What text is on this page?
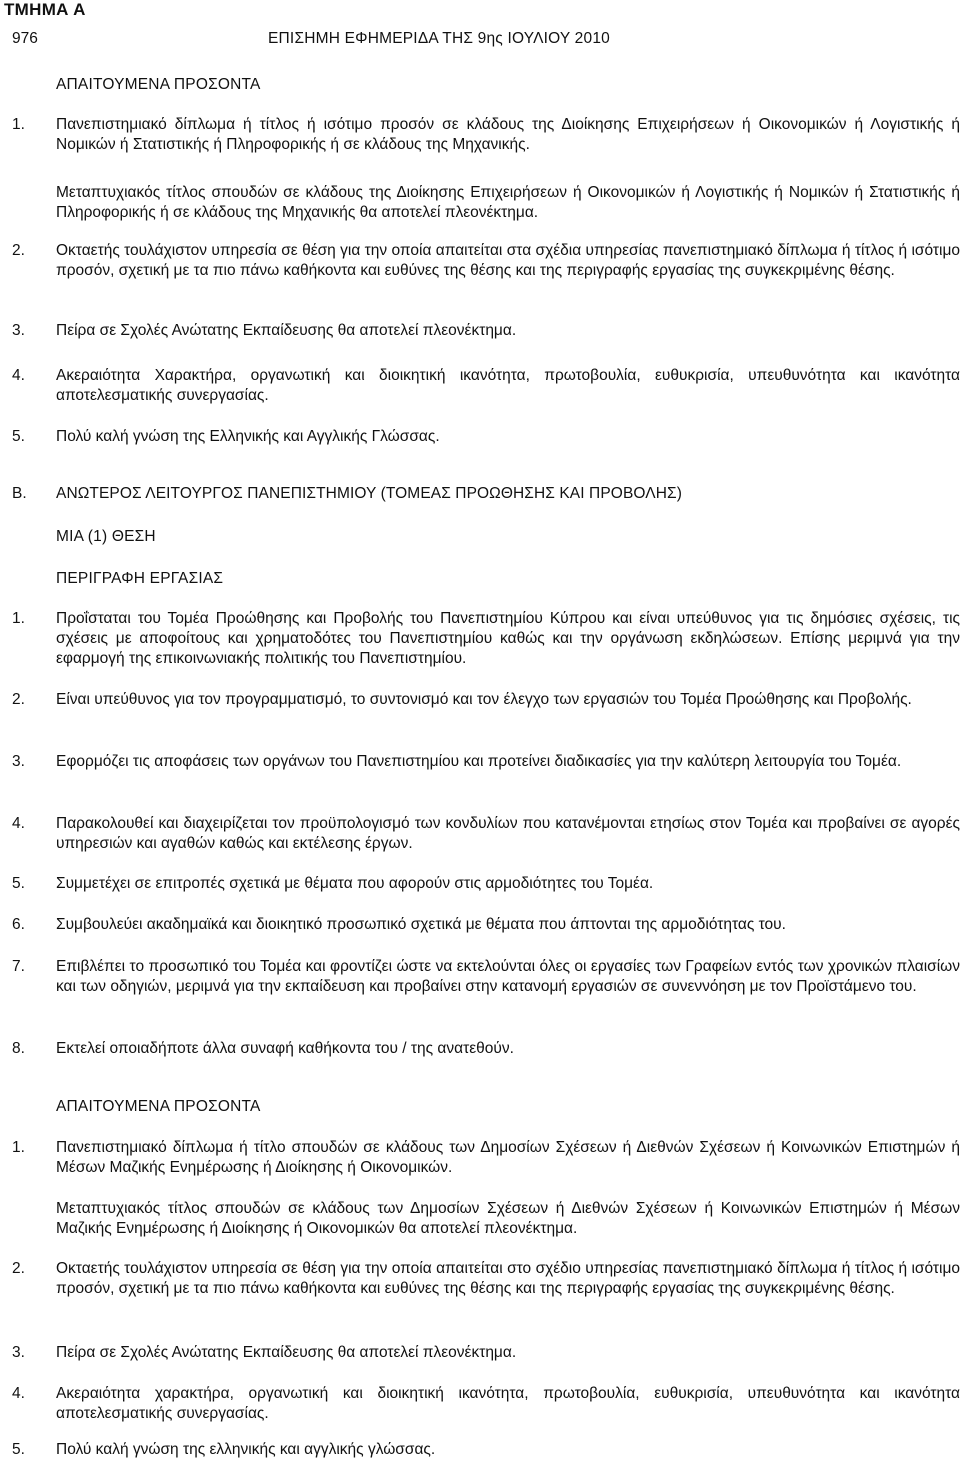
ΤΜΗΜΑ Α
976	ΕΠΙΣΗΜΗ ΕΦΗΜΕΡΙΔΑ ΤΗΣ 9ης ΙΟΥΛΙΟΥ 2010
ΑΠΑΙΤΟΥΜΕΝΑ ΠΡΟΣΟΝΤΑ
1. Πανεπιστημιακό δίπλωμα ή τίτλος ή ισότιμο προσόν σε κλάδους της Διοίκησης Επιχειρήσεων ή Οικονομικών ή Λογιστικής ή Νομικών ή Στατιστικής ή Πληροφορικής ή σε κλάδους της Μηχανικής.
Μεταπτυχιακός τίτλος σπουδών σε κλάδους της Διοίκησης Επιχειρήσεων ή Οικονομικών ή Λογιστικής ή Νομικών ή Στατιστικής ή Πληροφορικής ή σε κλάδους της Μηχανικής θα αποτελεί πλεονέκτημα.
2. Οκταετής τουλάχιστον υπηρεσία σε θέση για την οποία απαιτείται στα σχέδια υπηρεσίας πανεπιστημιακό δίπλωμα ή τίτλος ή ισότιμο προσόν, σχετική με τα πιο πάνω καθήκοντα και ευθύνες της θέσης και της περιγραφής εργασίας της συγκεκριμένης θέσης.
3. Πείρα σε Σχολές Ανώτατης Εκπαίδευσης θα αποτελεί πλεονέκτημα.
4. Ακεραιότητα Χαρακτήρα, οργανωτική και διοικητική ικανότητα, πρωτοβουλία, ευθυκρισία, υπευθυνότητα και ικανότητα αποτελεσματικής συνεργασίας.
5. Πολύ καλή γνώση της Ελληνικής και Αγγλικής Γλώσσας.
Β. ΑΝΩΤΕΡΟΣ ΛΕΙΤΟΥΡΓΟΣ ΠΑΝΕΠΙΣΤΗΜΙΟΥ (ΤΟΜΕΑΣ ΠΡΟΩΘΗΣΗΣ ΚΑΙ ΠΡΟΒΟΛΗΣ)
ΜΙΑ (1) ΘΕΣΗ
ΠΕΡΙΓΡΑΦΗ ΕΡΓΑΣΙΑΣ
1. Προΐσταται του Τομέα Προώθησης και Προβολής του Πανεπιστημίου Κύπρου και είναι υπεύθυνος για τις δημόσιες σχέσεις, τις σχέσεις με αποφοίτους και χρηματοδότες του Πανεπιστημίου καθώς και την οργάνωση εκδηλώσεων. Επίσης μεριμνά για την εφαρμογή της επικοινωνιακής πολιτικής του Πανεπιστημίου.
2. Είναι υπεύθυνος για τον προγραμματισμό, το συντονισμό και τον έλεγχο των εργασιών του Τομέα Προώθησης και Προβολής.
3. Εφορμόζει τις αποφάσεις των οργάνων του Πανεπιστημίου και προτείνει διαδικασίες για την καλύτερη λειτουργία του Τομέα.
4. Παρακολουθεί και διαχειρίζεται τον προϋπολογισμό των κονδυλίων που κατανέμονται ετησίως στον Τομέα και προβαίνει σε αγορές υπηρεσιών και αγαθών καθώς και εκτέλεσης έργων.
5. Συμμετέχει σε επιτροπές σχετικά με θέματα που αφορούν στις αρμοδιότητες του Τομέα.
6. Συμβουλεύει ακαδημαϊκά και διοικητικό προσωπικό σχετικά με θέματα που άπτονται της αρμοδιότητας του.
7. Επιβλέπει το προσωπικό του Τομέα και φροντίζει ώστε να εκτελούνται όλες οι εργασίες των Γραφείων εντός των χρονικών πλαισίων και των οδηγιών, μεριμνά για την εκπαίδευση και προβαίνει στην κατανομή εργασιών σε συνεννόηση με τον Προϊστάμενο του.
8. Εκτελεί οποιαδήποτε άλλα συναφή καθήκοντα του / της ανατεθούν.
ΑΠΑΙΤΟΥΜΕΝΑ ΠΡΟΣΟΝΤΑ
1. Πανεπιστημιακό δίπλωμα ή τίτλο σπουδών σε κλάδους των Δημοσίων Σχέσεων ή Διεθνών Σχέσεων ή Κοινωνικών Επιστημών ή Μέσων Μαζικής Ενημέρωσης ή Διοίκησης ή Οικονομικών.
Μεταπτυχιακός τίτλος σπουδών σε κλάδους των Δημοσίων Σχέσεων ή Διεθνών Σχέσεων ή Κοινωνικών Επιστημών ή Μέσων Μαζικής Ενημέρωσης ή Διοίκησης ή Οικονομικών θα αποτελεί πλεονέκτημα.
2. Οκταετής τουλάχιστον υπηρεσία σε θέση για την οποία απαιτείται στο σχέδιο υπηρεσίας πανεπιστημιακό δίπλωμα ή τίτλος ή ισότιμο προσόν, σχετική με τα πιο πάνω καθήκοντα και ευθύνες της θέσης και της περιγραφής εργασίας της συγκεκριμένης θέσης.
3. Πείρα σε Σχολές Ανώτατης Εκπαίδευσης θα αποτελεί πλεονέκτημα.
4. Ακεραιότητα χαρακτήρα, οργανωτική και διοικητική ικανότητα, πρωτοβουλία, ευθυκρισία, υπευθυνότητα και ικανότητα αποτελεσματικής συνεργασίας.
5. Πολύ καλή γνώση της ελληνικής και αγγλικής γλώσσας.
